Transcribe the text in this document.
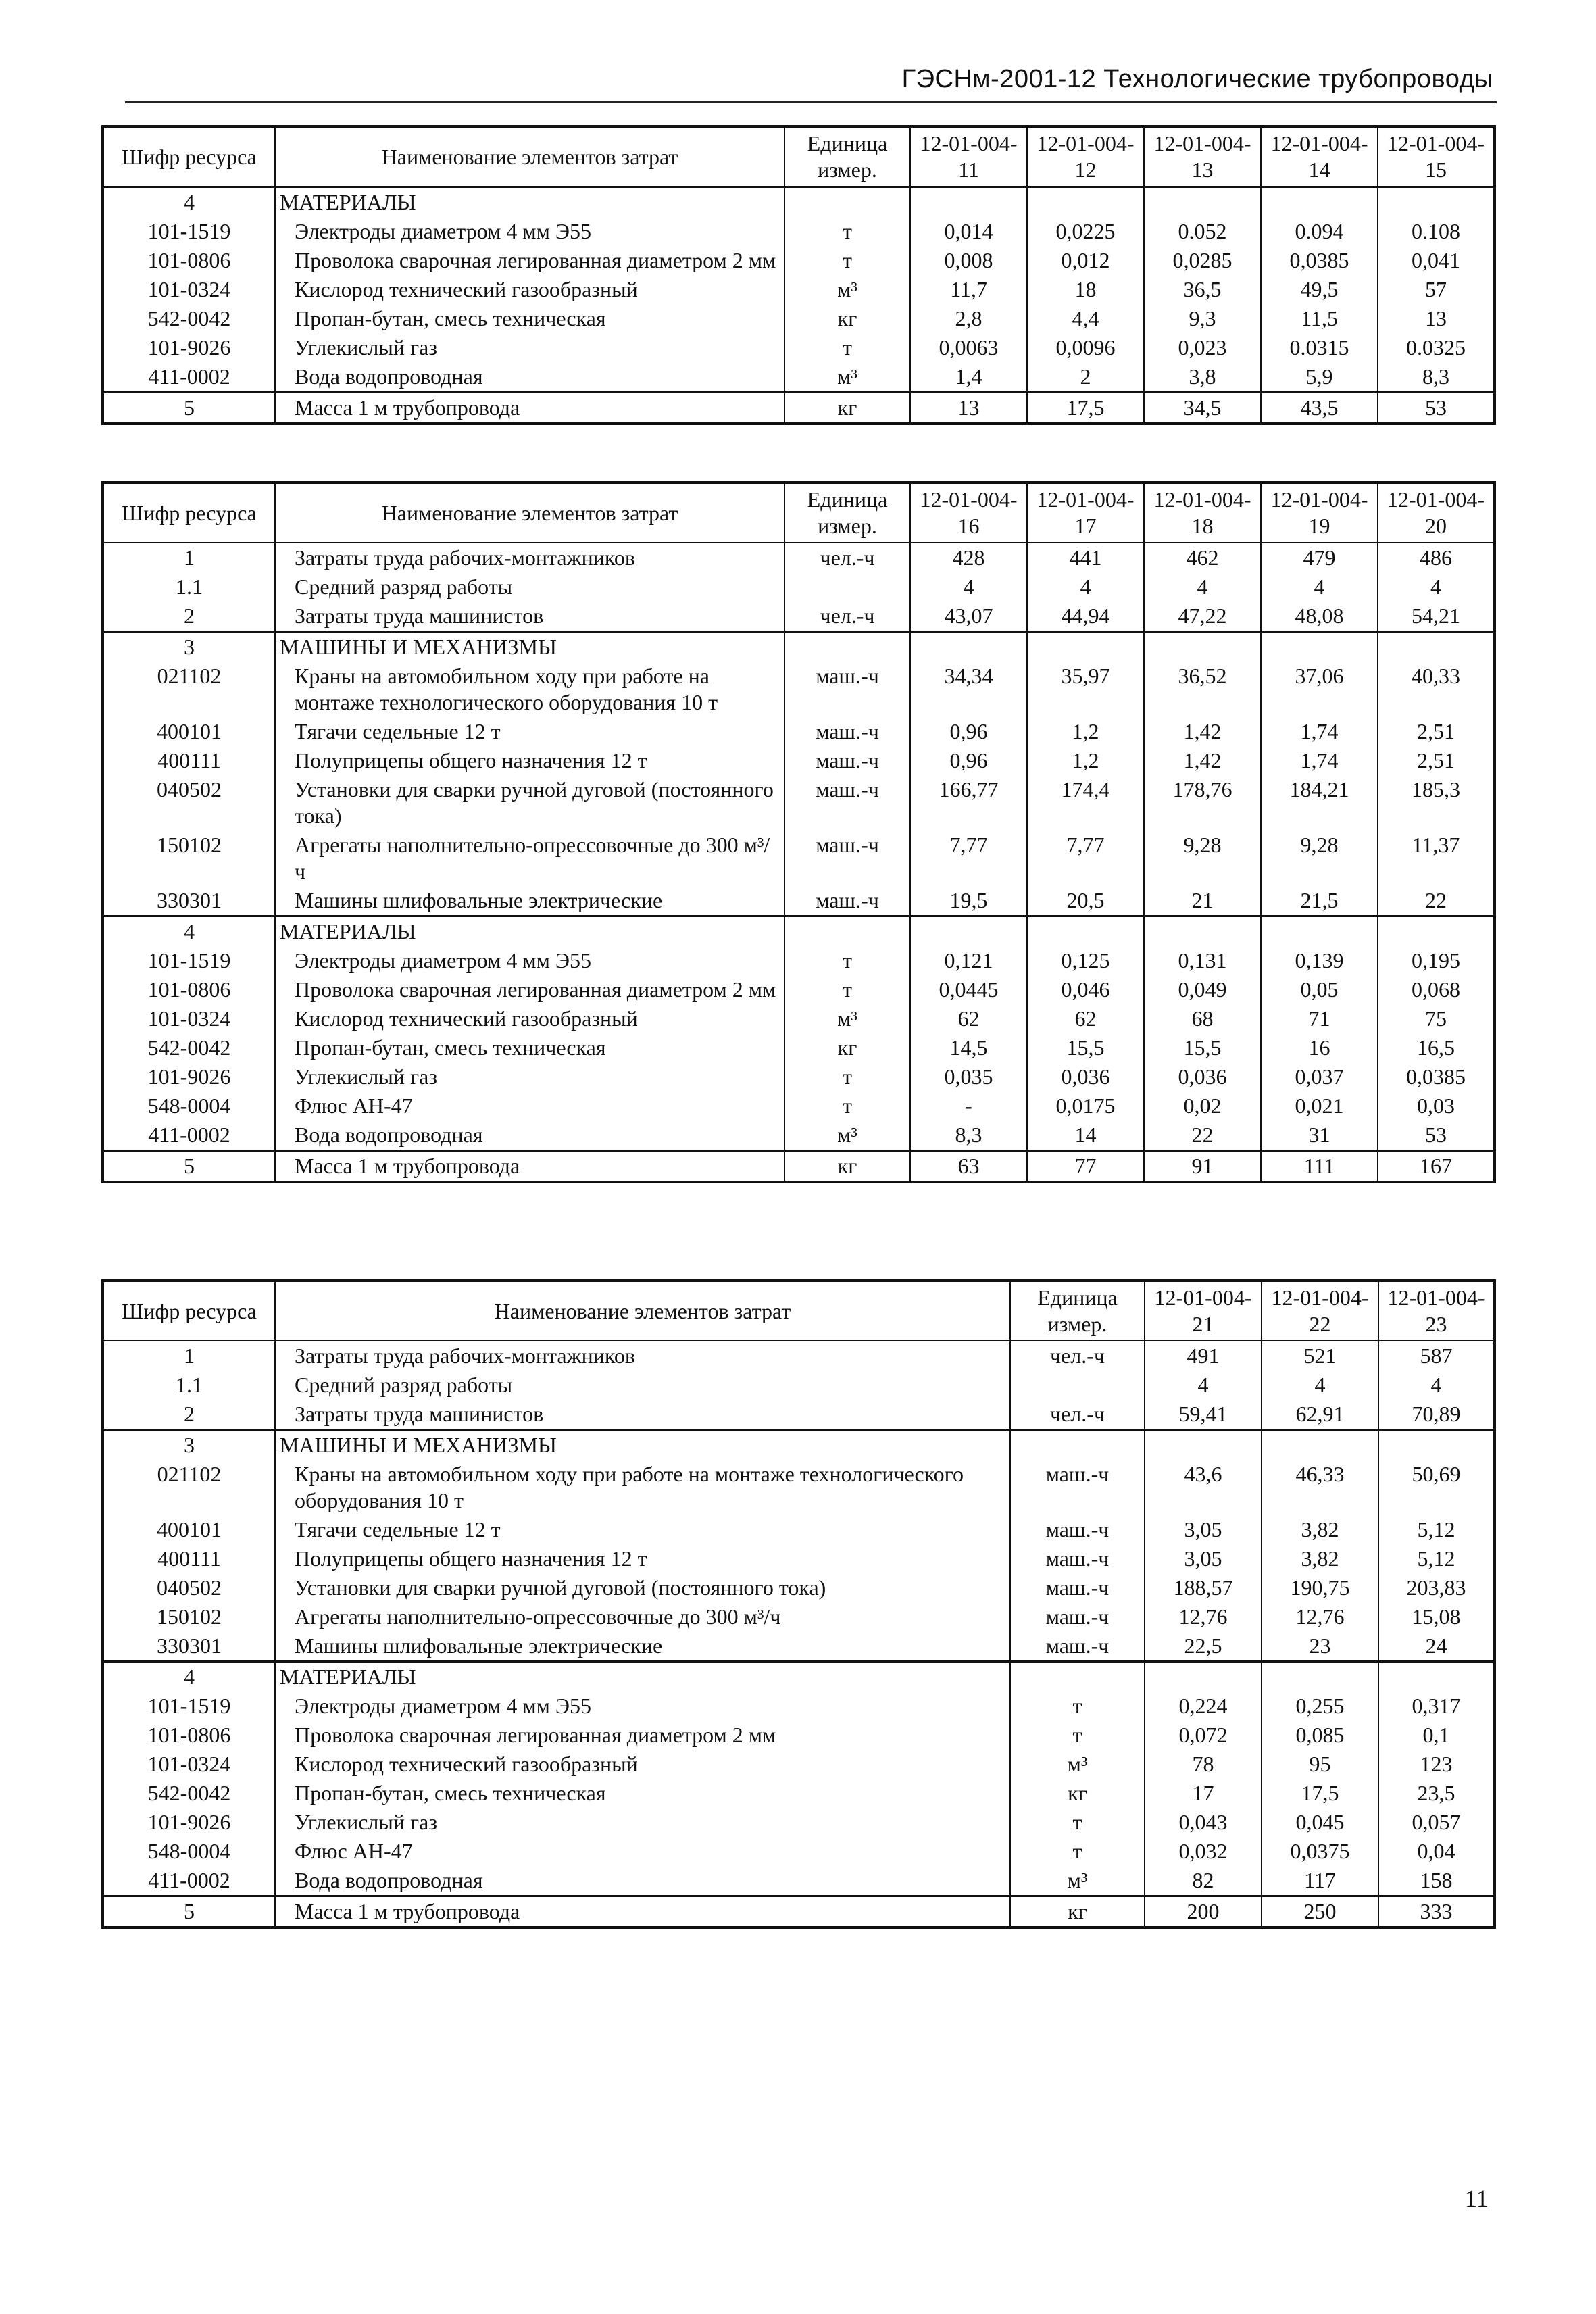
ГЭСНм-2001-12 Технологические трубопроводы
Шифр ресурса	Наименование элементов затрат	Единица измер.	12-01-004-11	12-01-004-12	12-01-004-13	12-01-004-14	12-01-004-15
4	МАТЕРИАЛЫ						
101-1519	Электроды диаметром 4 мм Э55	т	0,014	0,0225	0.052	0.094	0.108
101-0806	Проволока сварочная легированная диаметром 2 мм	т	0,008	0,012	0,0285	0,0385	0,041
101-0324	Кислород технический газообразный	м³	11,7	18	36,5	49,5	57
542-0042	Пропан-бутан, смесь техническая	кг	2,8	4,4	9,3	11,5	13
101-9026	Углекислый газ	т	0,0063	0,0096	0,023	0.0315	0.0325
411-0002	Вода водопроводная	м³	1,4	2	3,8	5,9	8,3
5	Масса 1 м трубопровода	кг	13	17,5	34,5	43,5	53
Шифр ресурса	Наименование элементов затрат	Единица измер.	12-01-004-16	12-01-004-17	12-01-004-18	12-01-004-19	12-01-004-20
1	Затраты труда рабочих-монтажников	чел.-ч	428	441	462	479	486
1.1	Средний разряд работы		4	4	4	4	4
2	Затраты труда машинистов	чел.-ч	43,07	44,94	47,22	48,08	54,21
3	МАШИНЫ И МЕХАНИЗМЫ						
021102	Краны на автомобильном ходу при работе на монтаже технологического оборудования 10 т	маш.-ч	34,34	35,97	36,52	37,06	40,33
400101	Тягачи седельные 12 т	маш.-ч	0,96	1,2	1,42	1,74	2,51
400111	Полуприцепы общего назначения 12 т	маш.-ч	0,96	1,2	1,42	1,74	2,51
040502	Установки для сварки ручной дуговой (постоянного тока)	маш.-ч	166,77	174,4	178,76	184,21	185,3
150102	Агрегаты наполнительно-опрессовочные до 300 м³/ч	маш.-ч	7,77	7,77	9,28	9,28	11,37
330301	Машины шлифовальные электрические	маш.-ч	19,5	20,5	21	21,5	22
4	МАТЕРИАЛЫ						
101-1519	Электроды диаметром 4 мм Э55	т	0,121	0,125	0,131	0,139	0,195
101-0806	Проволока сварочная легированная диаметром 2 мм	т	0,0445	0,046	0,049	0,05	0,068
101-0324	Кислород технический газообразный	м³	62	62	68	71	75
542-0042	Пропан-бутан, смесь техническая	кг	14,5	15,5	15,5	16	16,5
101-9026	Углекислый газ	т	0,035	0,036	0,036	0,037	0,0385
548-0004	Флюс АН-47	т	-	0,0175	0,02	0,021	0,03
411-0002	Вода водопроводная	м³	8,3	14	22	31	53
5	Масса 1 м трубопровода	кг	63	77	91	111	167
Шифр ресурса	Наименование элементов затрат	Единица измер.	12-01-004-21	12-01-004-22	12-01-004-23
1	Затраты труда рабочих-монтажников	чел.-ч	491	521	587
1.1	Средний разряд работы		4	4	4
2	Затраты труда машинистов	чел.-ч	59,41	62,91	70,89
3	МАШИНЫ И МЕХАНИЗМЫ				
021102	Краны на автомобильном ходу при работе на монтаже технологического оборудования 10 т	маш.-ч	43,6	46,33	50,69
400101	Тягачи седельные 12 т	маш.-ч	3,05	3,82	5,12
400111	Полуприцепы общего назначения 12 т	маш.-ч	3,05	3,82	5,12
040502	Установки для сварки ручной дуговой (постоянного тока)	маш.-ч	188,57	190,75	203,83
150102	Агрегаты наполнительно-опрессовочные до 300 м³/ч	маш.-ч	12,76	12,76	15,08
330301	Машины шлифовальные электрические	маш.-ч	22,5	23	24
4	МАТЕРИАЛЫ				
101-1519	Электроды диаметром 4 мм Э55	т	0,224	0,255	0,317
101-0806	Проволока сварочная легированная диаметром 2 мм	т	0,072	0,085	0,1
101-0324	Кислород технический газообразный	м³	78	95	123
542-0042	Пропан-бутан, смесь техническая	кг	17	17,5	23,5
101-9026	Углекислый газ	т	0,043	0,045	0,057
548-0004	Флюс АН-47	т	0,032	0,0375	0,04
411-0002	Вода водопроводная	м³	82	117	158
5	Масса 1 м трубопровода	кг	200	250	333
11
